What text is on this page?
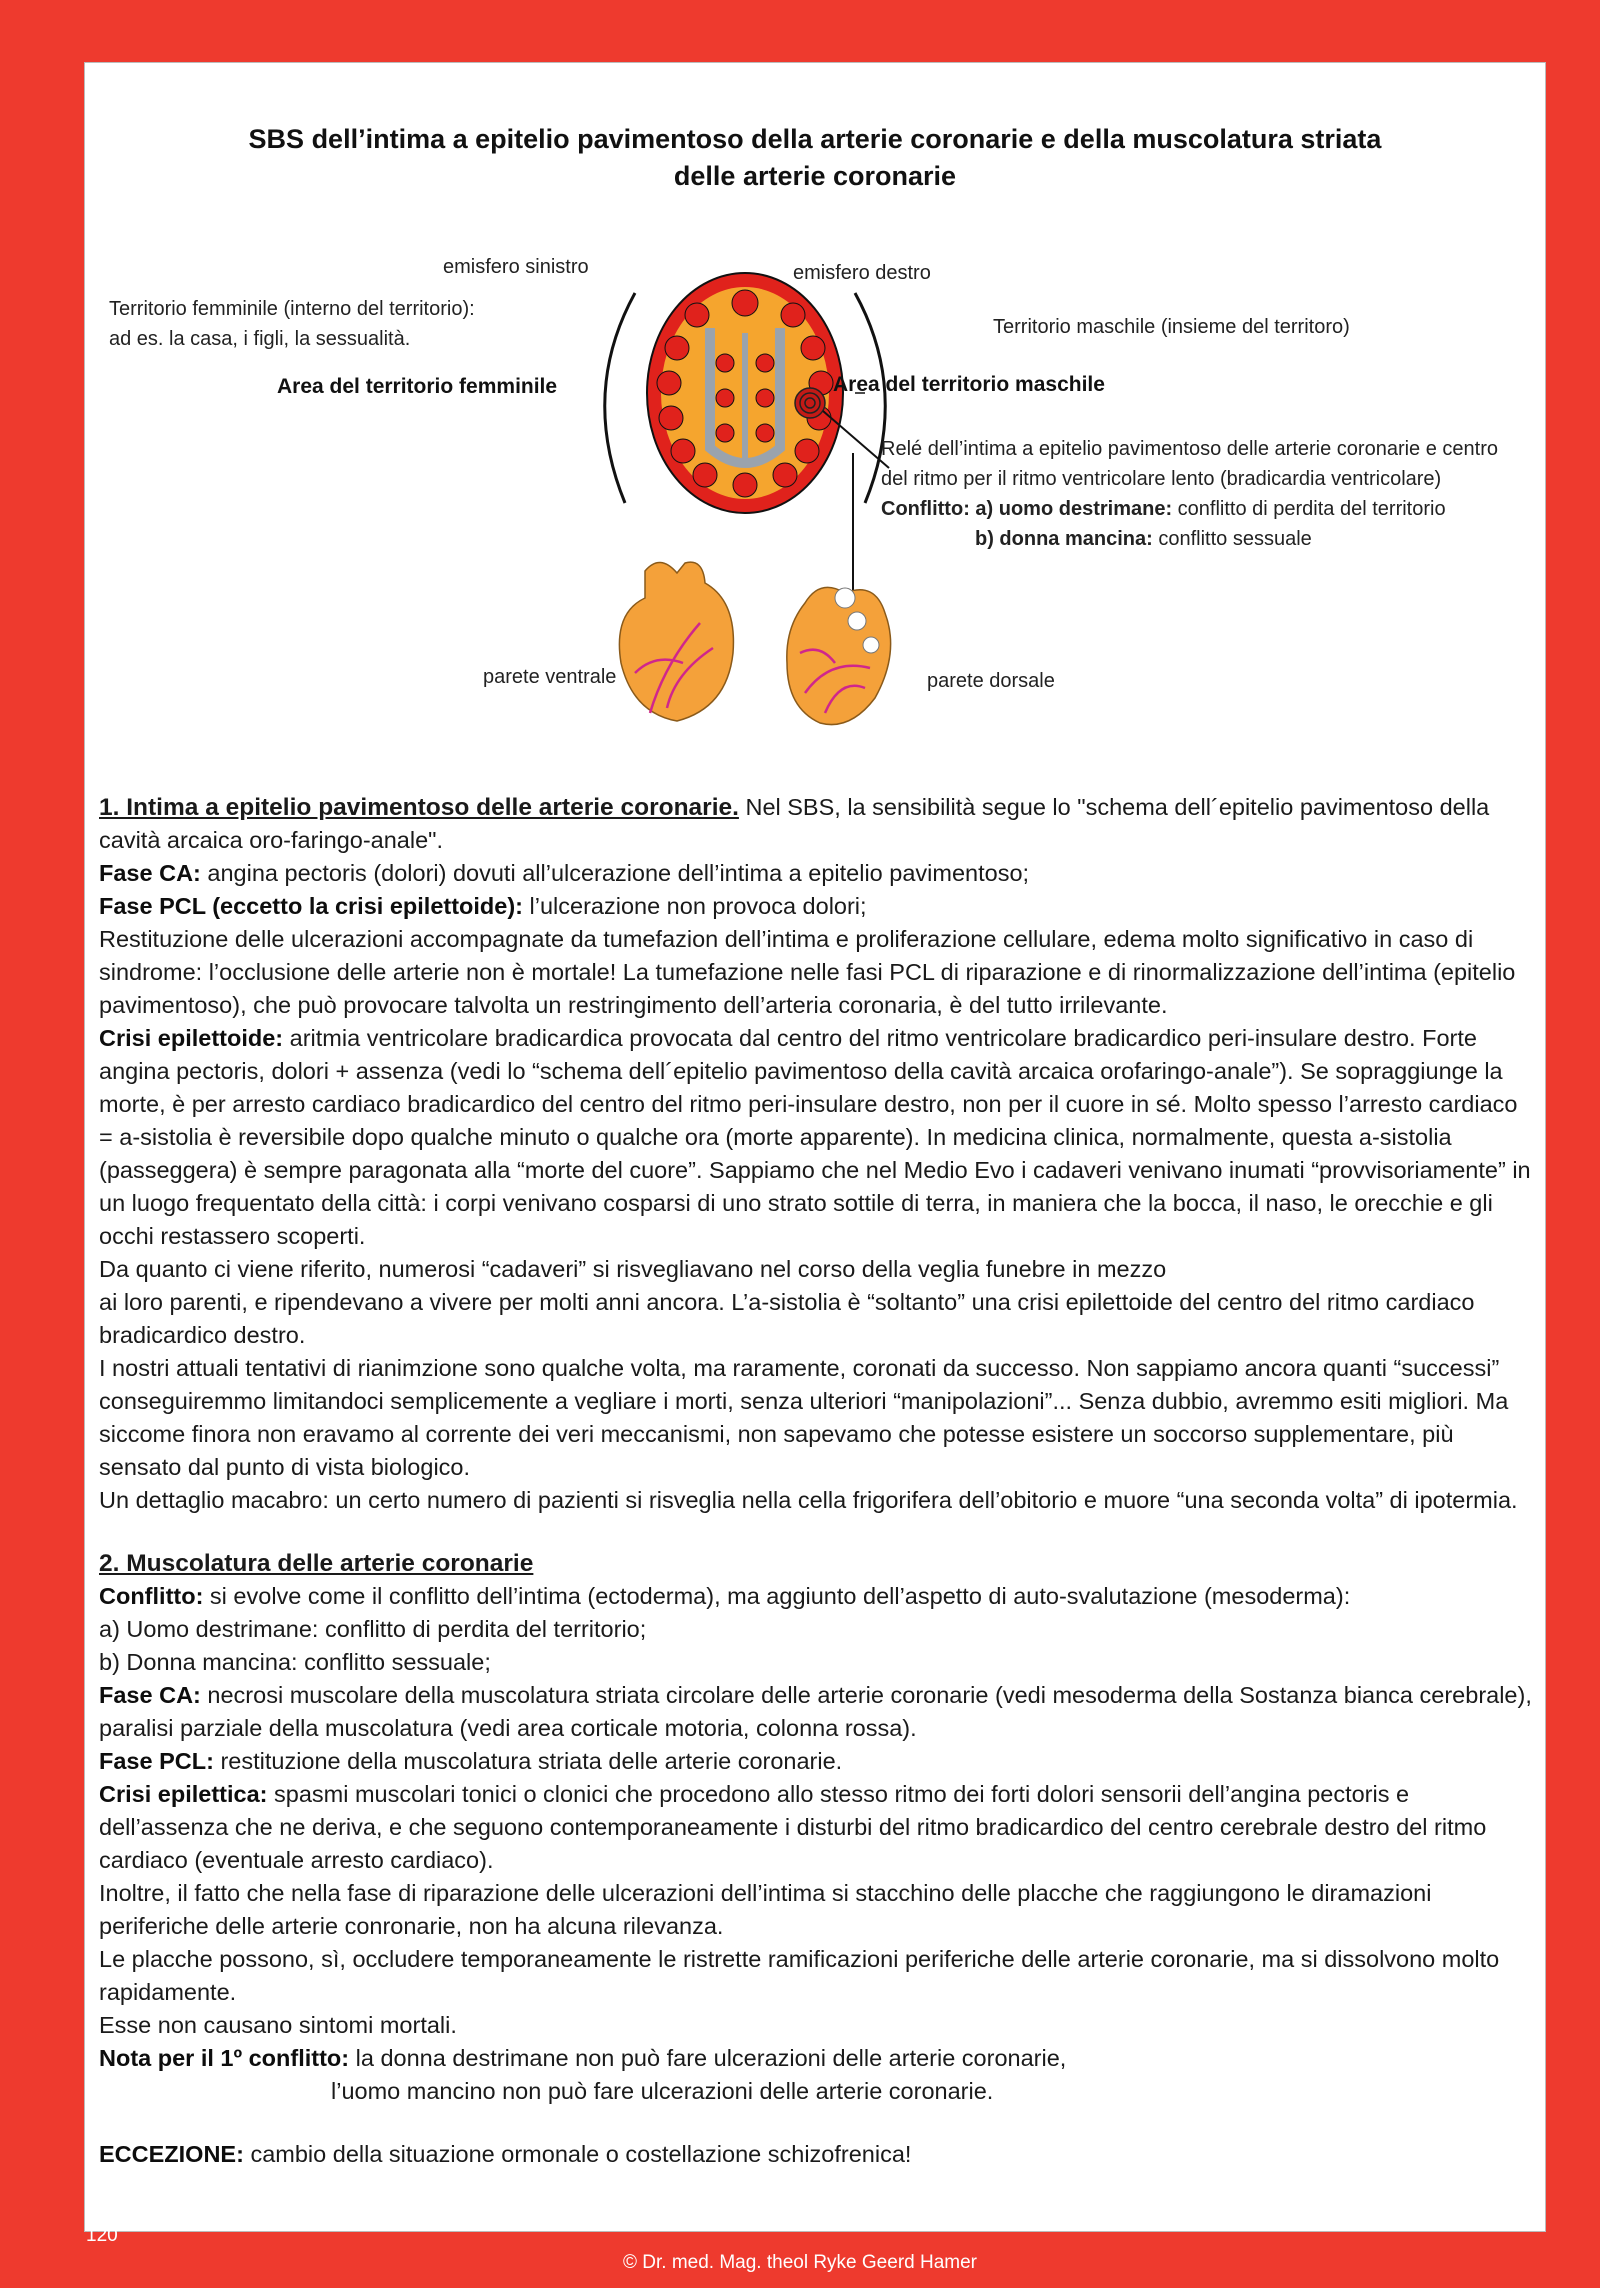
SBS dell’intima a epitelio pavimentoso della arterie coronarie e della muscolatura striata
delle arterie coronarie
emisfero sinistro	emisfero destro
Territorio femminile (interno del territorio):
ad es. la casa, i figli, la sessualità.
Territorio maschile (insieme del territoro)
Area del territorio femminile	Area del territorio maschile
Relé dell’intima a epitelio pavimentoso delle arterie coronarie e centro
del ritmo per il ritmo ventricolare lento (bradicardia ventricolare)
Conflitto: a) uomo destrimane: conflitto di perdita del territorio
b) donna mancina: conflitto sessuale
parete ventrale	parete dorsale

1. Intima a epitelio pavimentoso delle arterie coronarie. Nel SBS, la sensibilità segue lo "schema dell´epitelio pavimentoso della cavità arcaica oro-faringo-anale".

Fase CA: angina pectoris (dolori) dovuti all’ulcerazione dell’intima a epitelio pavimentoso;

Fase PCL (eccetto la crisi epilettoide): l’ulcerazione non provoca dolori;

Restituzione delle ulcerazioni accompagnate da tumefazion dell’intima e proliferazione cellulare, edema molto significativo in caso di sindrome: l’occlusione delle arterie non è mortale! La tumefazione nelle fasi PCL di riparazione e di rinormalizzazione dell’intima (epitelio pavimentoso), che può provocare talvolta un restringimento dell’arteria coronaria, è del tutto irrilevante.

Crisi epilettoide: aritmia ventricolare bradicardica provocata dal centro del ritmo ventricolare bradicardico peri-insulare destro. Forte angina pectoris, dolori + assenza (vedi lo “schema dell´epitelio pavimentoso della cavità arcaica orofaringo-anale”). Se sopraggiunge la morte, è per arresto cardiaco bradicardico del centro del ritmo peri-insulare destro, non per il cuore in sé. Molto spesso l’arresto cardiaco = a-sistolia è reversibile dopo qualche minuto o qualche ora (morte apparente). In medicina clinica, normalmente, questa a-sistolia (passeggera) è sempre paragonata alla “morte del cuore”. Sappiamo che nel Medio Evo i cadaveri venivano inumati “provvisoriamente” in un luogo frequentato della città: i corpi venivano cosparsi di uno strato sottile di terra, in maniera che la bocca, il naso, le orecchie e gli occhi restassero scoperti.

Da quanto ci viene riferito, numerosi “cadaveri” si risvegliavano nel corso della veglia funebre in mezzo

ai loro parenti, e ripendevano a vivere per molti anni ancora. L’a-sistolia è “soltanto” una crisi epilettoide del centro del ritmo cardiaco bradicardico destro.

I nostri attuali tentativi di rianimzione sono qualche volta, ma raramente, coronati da successo. Non sappiamo ancora quanti “successi” conseguiremmo limitandoci semplicemente a vegliare i morti, senza ulteriori “manipolazioni”... Senza dubbio, avremmo esiti migliori. Ma siccome finora non eravamo al corrente dei veri meccanismi, non sapevamo che potesse esistere un soccorso supplementare, più sensato dal punto di vista biologico.

Un dettaglio macabro: un certo numero di pazienti si risveglia nella cella frigorifera dell’obitorio e muore “una seconda volta” di ipotermia.

2. Muscolatura delle arterie coronarie

Conflitto: si evolve come il conflitto dell’intima (ectoderma), ma aggiunto dell’aspetto di auto-svalutazione (mesoderma):

a) Uomo destrimane: conflitto di perdita del territorio;

b) Donna mancina: conflitto sessuale;

Fase CA: necrosi muscolare della muscolatura striata circolare delle arterie coronarie (vedi mesoderma della Sostanza bianca cerebrale), paralisi parziale della muscolatura (vedi area corticale motoria, colonna rossa).

Fase PCL: restituzione della muscolatura striata delle arterie coronarie.

Crisi epilettica: spasmi muscolari tonici o clonici che procedono allo stesso ritmo dei forti dolori sensorii dell’angina pectoris e dell’assenza che ne deriva, e che seguono contemporaneamente i disturbi del ritmo bradicardico del centro cerebrale destro del ritmo cardiaco (eventuale arresto cardiaco).

Inoltre, il fatto che nella fase di riparazione delle ulcerazioni dell’intima si stacchino delle placche che raggiungono le diramazioni periferiche delle arterie conronarie, non ha alcuna rilevanza.

Le placche possono, sì, occludere temporaneamente le ristrette ramificazioni periferiche delle arterie coronarie, ma si dissolvono molto rapidamente.

Esse non causano sintomi mortali.

Nota per il 1º conflitto: la donna destrimane non può fare ulcerazioni delle arterie coronarie,

l’uomo mancino non può fare ulcerazioni delle arterie coronarie.

ECCEZIONE: cambio della situazione ormonale o costellazione schizofrenica!

120
© Dr. med. Mag. theol Ryke Geerd Hamer
